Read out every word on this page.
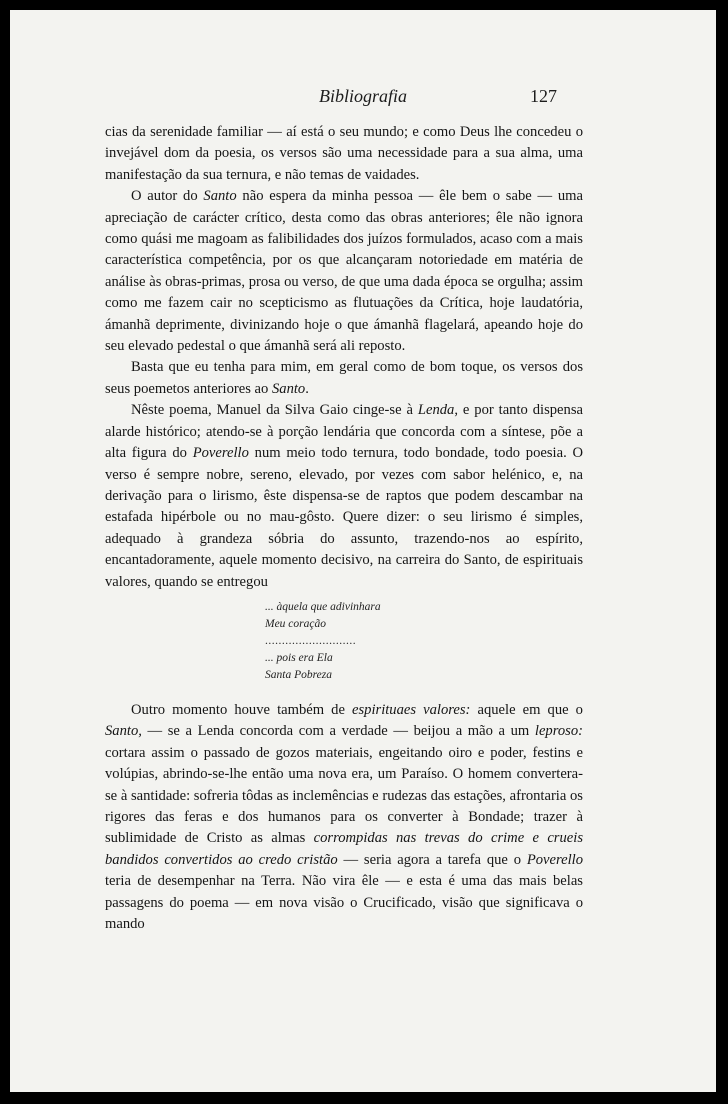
Bibliografia	127

cias da serenidade familiar — aí está o seu mundo; e como Deus lhe concedeu o invejável dom da poesia, os versos são uma necessidade para a sua alma, uma manifestação da sua ternura, e não temas de vaidades.

O autor do Santo não espera da minha pessoa — êle bem o sabe — uma apreciação de carácter crítico, desta como das obras anteriores; êle não ignora como quási me magoam as falibilidades dos juízos formulados, acaso com a mais característica competência, por os que alcançaram notoriedade em matéria de análise às obras-primas, prosa ou verso, de que uma dada época se orgulha; assim como me fazem cair no scepticismo as flutuações da Crítica, hoje laudatória, ámanhã deprimente, divinizando hoje o que ámanhã flagelará, apeando hoje do seu elevado pedestal o que ámanhã será ali reposto.

Basta que eu tenha para mim, em geral como de bom toque, os versos dos seus poemetos anteriores ao Santo.

Nêste poema, Manuel da Silva Gaio cinge-se à Lenda, e por tanto dispensa alarde histórico; atendo-se à porção lendária que concorda com a síntese, põe a alta figura do Poverello num meio todo ternura, todo bondade, todo poesia. O verso é sempre nobre, sereno, elevado, por vezes com sabor helénico, e, na derivação para o lirismo, êste dispensa-se de raptos que podem descambar na estafada hipérbole ou no mau-gôsto. Quere dizer: o seu lirismo é simples, adequado à grandeza sóbria do assunto, trazendo-nos ao espírito, encantadoramente, aquele momento decisivo, na carreira do Santo, de espirituais valores, quando se entregou

... àquela que adivinhara
Meu coração
...........................
... pois era Ela
Santa Pobreza

Outro momento houve também de espirituaes valores: aquele em que o Santo, — se a Lenda concorda com a verdade — beijou a mão a um leproso: cortara assim o passado de gozos materiais, engeitando oiro e poder, festins e volúpias, abrindo-se-lhe então uma nova era, um Paraíso. O homem convertera-se à santidade: sofreria tôdas as inclemências e rudezas das estações, afrontaria os rigores das feras e dos humanos para os converter à Bondade; trazer à sublimidade de Cristo as almas corrompidas nas trevas do crime e crueis bandidos convertidos ao credo cristão — seria agora a tarefa que o Poverello teria de desempenhar na Terra. Não vira êle — e esta é uma das mais belas passagens do poema — em nova visão o Crucificado, visão que significava o mando
